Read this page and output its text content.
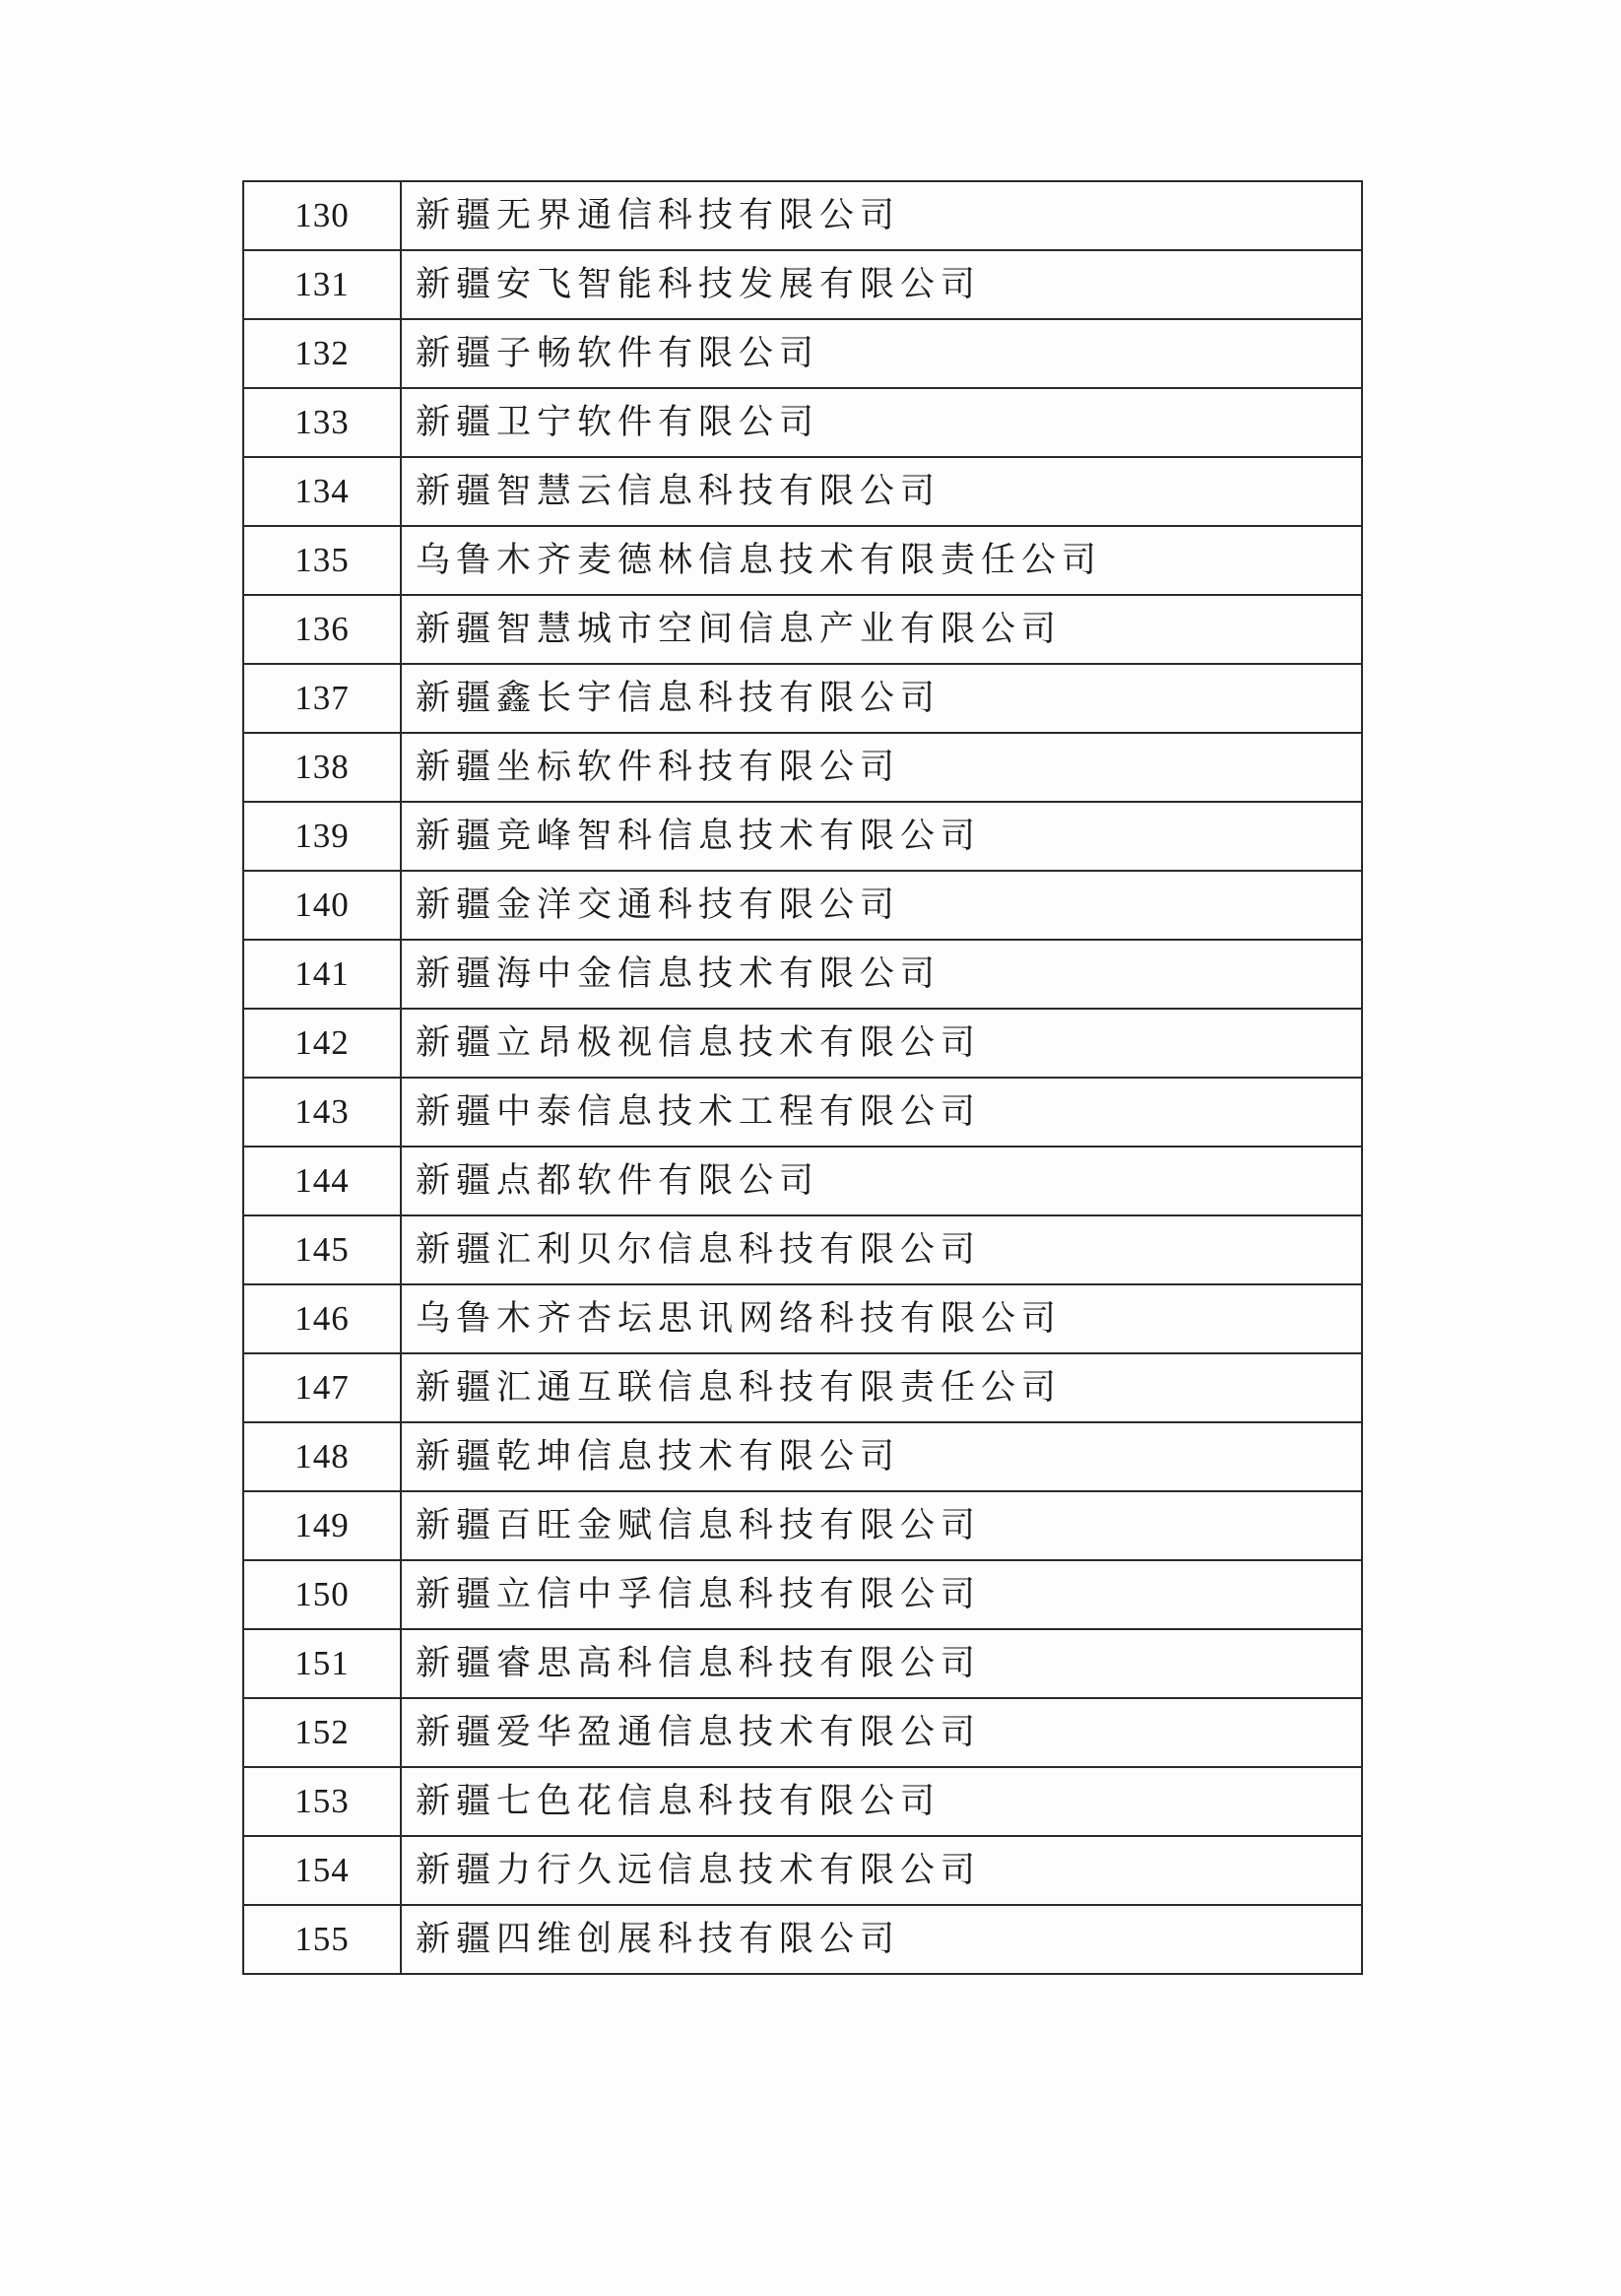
130	新疆无界通信科技有限公司
131	新疆安飞智能科技发展有限公司
132	新疆子畅软件有限公司
133	新疆卫宁软件有限公司
134	新疆智慧云信息科技有限公司
135	乌鲁木齐麦德林信息技术有限责任公司
136	新疆智慧城市空间信息产业有限公司
137	新疆鑫长宇信息科技有限公司
138	新疆坐标软件科技有限公司
139	新疆竞峰智科信息技术有限公司
140	新疆金洋交通科技有限公司
141	新疆海中金信息技术有限公司
142	新疆立昂极视信息技术有限公司
143	新疆中泰信息技术工程有限公司
144	新疆点都软件有限公司
145	新疆汇利贝尔信息科技有限公司
146	乌鲁木齐杏坛思讯网络科技有限公司
147	新疆汇通互联信息科技有限责任公司
148	新疆乾坤信息技术有限公司
149	新疆百旺金赋信息科技有限公司
150	新疆立信中孚信息科技有限公司
151	新疆睿思高科信息科技有限公司
152	新疆爱华盈通信息技术有限公司
153	新疆七色花信息科技有限公司
154	新疆力行久远信息技术有限公司
155	新疆四维创展科技有限公司
